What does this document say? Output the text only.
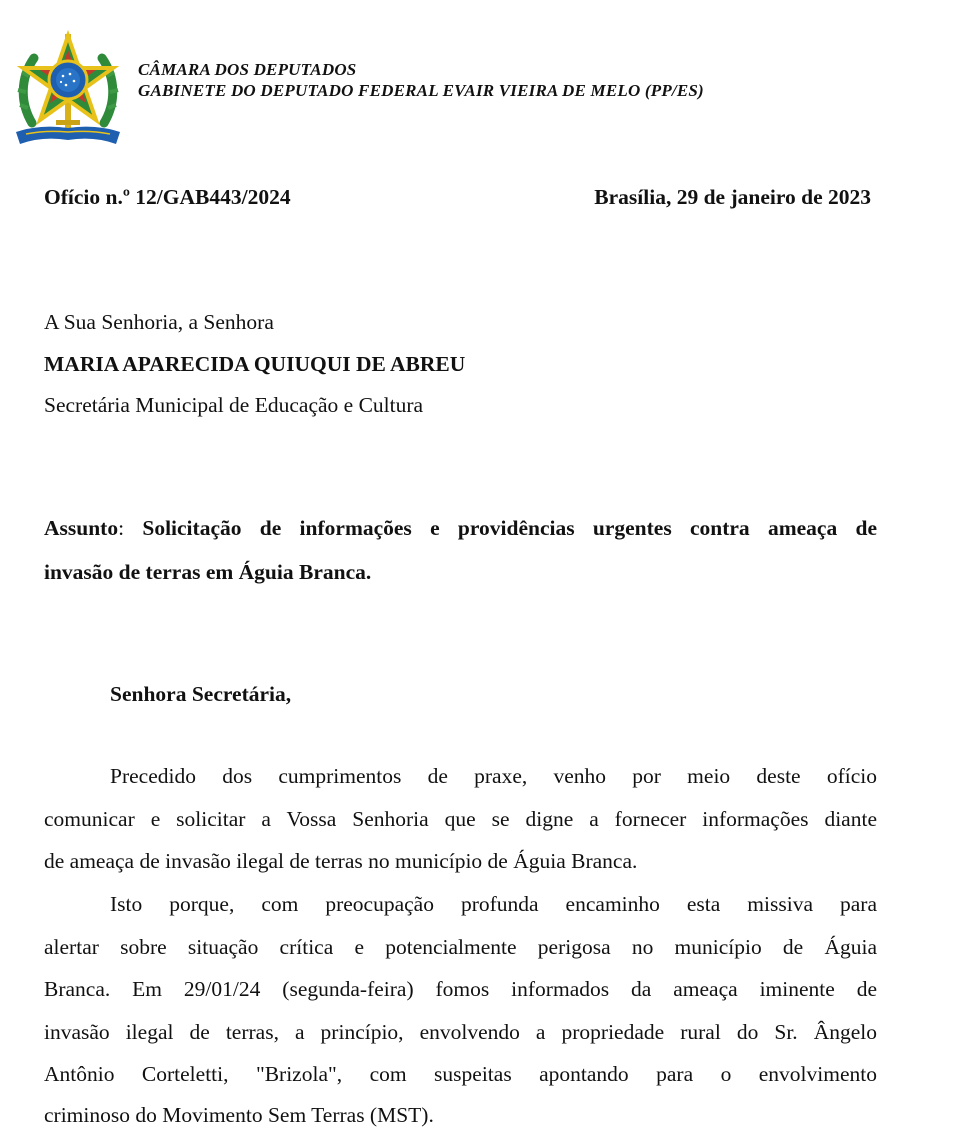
CÂMARA DOS DEPUTADOS
GABINETE DO DEPUTADO FEDERAL EVAIR VIEIRA DE MELO (PP/ES)
Ofício n.º 12/GAB443/2024	Brasília, 29 de janeiro de 2023
A Sua Senhoria, a Senhora
MARIA APARECIDA QUIUQUI DE ABREU
Secretária Municipal de Educação e Cultura
Assunto: Solicitação de informações e providências urgentes contra ameaça de
invasão de terras em Águia Branca.
Senhora Secretária,
Precedido dos cumprimentos de praxe, venho por meio deste ofício
comunicar e solicitar a Vossa Senhoria que se digne a fornecer informações diante
de ameaça de invasão ilegal de terras no município de Águia Branca.
Isto porque, com preocupação profunda encaminho esta missiva para
alertar sobre situação crítica e potencialmente perigosa no município de Águia
Branca. Em 29/01/24 (segunda-feira) fomos informados da ameaça iminente de
invasão ilegal de terras, a princípio, envolvendo a propriedade rural do Sr. Ângelo
Antônio Corteletti, "Brizola", com suspeitas apontando para o envolvimento
criminoso do Movimento Sem Terras (MST).
